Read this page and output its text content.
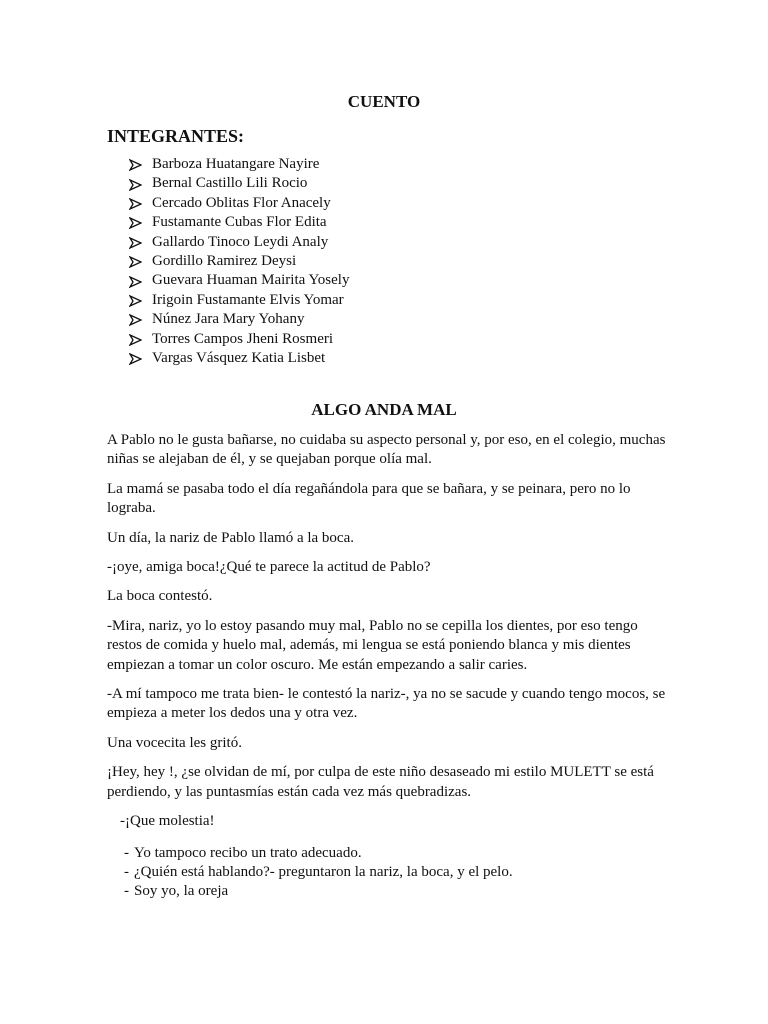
CUENTO
INTEGRANTES:
Barboza Huatangare Nayire
Bernal Castillo Lili Rocio
Cercado Oblitas Flor Anacely
Fustamante Cubas Flor Edita
Gallardo Tinoco Leydi Analy
Gordillo Ramirez Deysi
Guevara Huaman Mairita Yosely
Irigoin Fustamante Elvis Yomar
Núnez Jara Mary Yohany
Torres Campos Jheni Rosmeri
Vargas Vásquez Katia Lisbet
ALGO ANDA MAL

A Pablo no le gusta bañarse, no cuidaba su aspecto personal y, por eso, en el colegio, muchas niñas se alejaban de él, y se quejaban porque olía mal.

La mamá se pasaba todo el día regañándola para que se bañara, y se peinara, pero no lo lograba.

Un día, la nariz de Pablo llamó a la boca.

-¡oye, amiga boca!¿Qué te parece la actitud de Pablo?

La boca contestó.

-Mira, nariz, yo lo estoy pasando muy mal, Pablo no se cepilla los dientes, por eso tengo restos de comida y huelo mal, además, mi lengua se está poniendo blanca y mis dientes empiezan a tomar un color oscuro. Me están empezando a salir caries.

-A mí tampoco me trata bien- le contestó la nariz-, ya no se sacude y cuando tengo mocos, se empieza a meter los dedos una y otra vez.

Una vocecita les gritó.

¡Hey, hey !, ¿se olvidan de mí, por culpa de este niño desaseado mi estilo MULETT se está perdiendo, y las puntasmías están cada vez más quebradizas.

-¡Que molestia!

- Yo tampoco recibo un trato adecuado.
- ¿Quién está hablando?- preguntaron la nariz, la boca, y el pelo.
- Soy yo, la oreja
